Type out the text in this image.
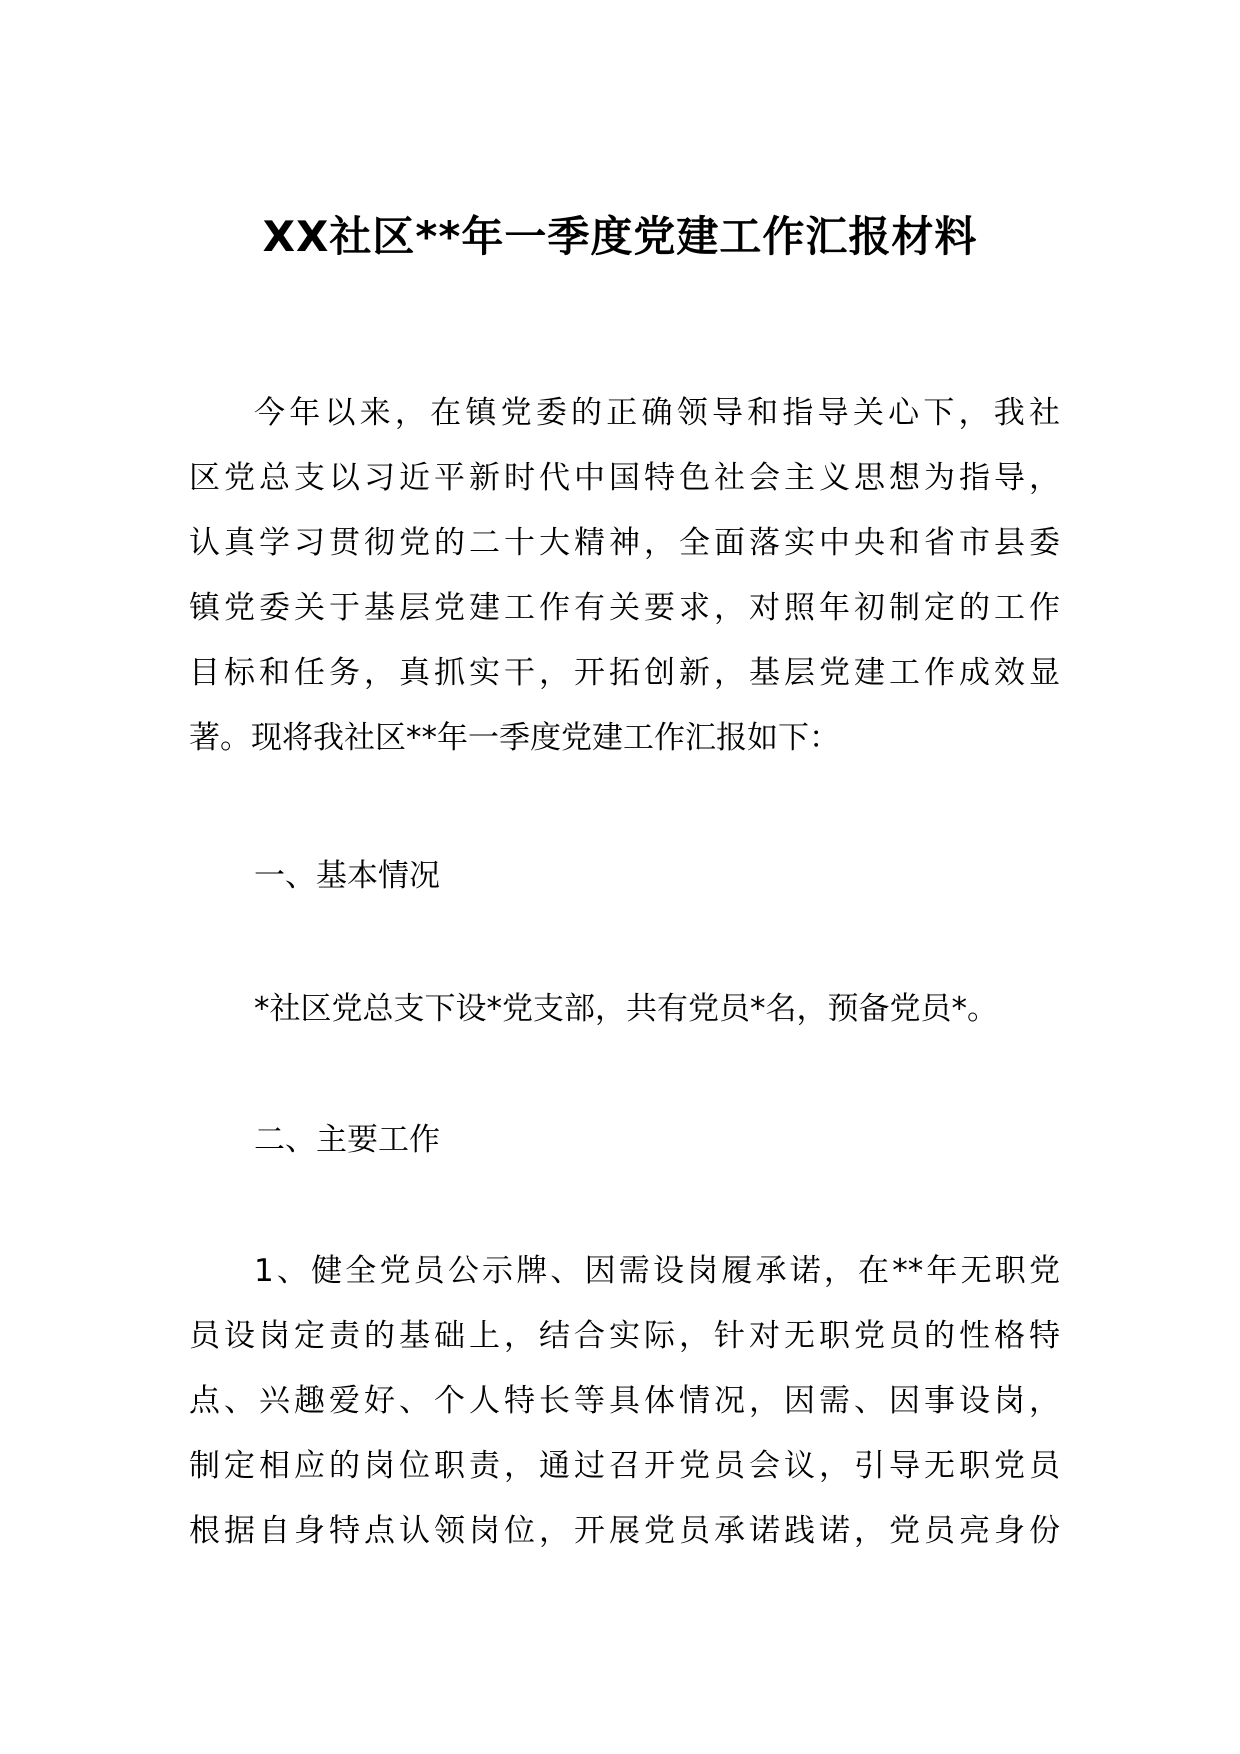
XX社区**年一季度党建工作汇报材料
今年以来，在镇党委的正确领导和指导关心下，我社
区党总支以习近平新时代中国特色社会主义思想为指导，
认真学习贯彻党的二十大精神，全面落实中央和省市县委
镇党委关于基层党建工作有关要求，对照年初制定的工作
目标和任务，真抓实干，开拓创新，基层党建工作成效显
著。现将我社区**年一季度党建工作汇报如下：
一、基本情况
*社区党总支下设*党支部，共有党员*名，预备党员*。
二、主要工作
1、健全党员公示牌、因需设岗履承诺，在**年无职党
员设岗定责的基础上，结合实际，针对无职党员的性格特
点、兴趣爱好、个人特长等具体情况，因需、因事设岗，
制定相应的岗位职责，通过召开党员会议，引导无职党员
根据自身特点认领岗位，开展党员承诺践诺，党员亮身份
